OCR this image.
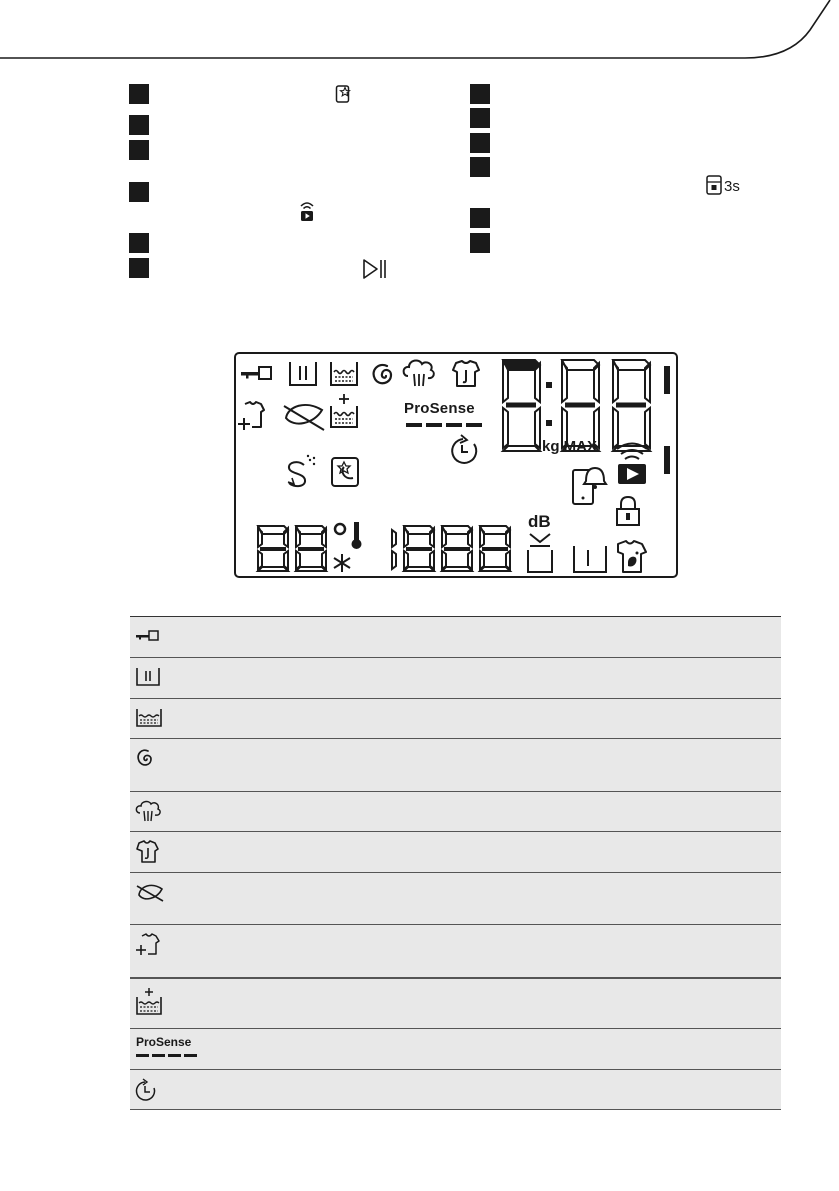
3s
ProSense
kg MAX
dB
ProSense
